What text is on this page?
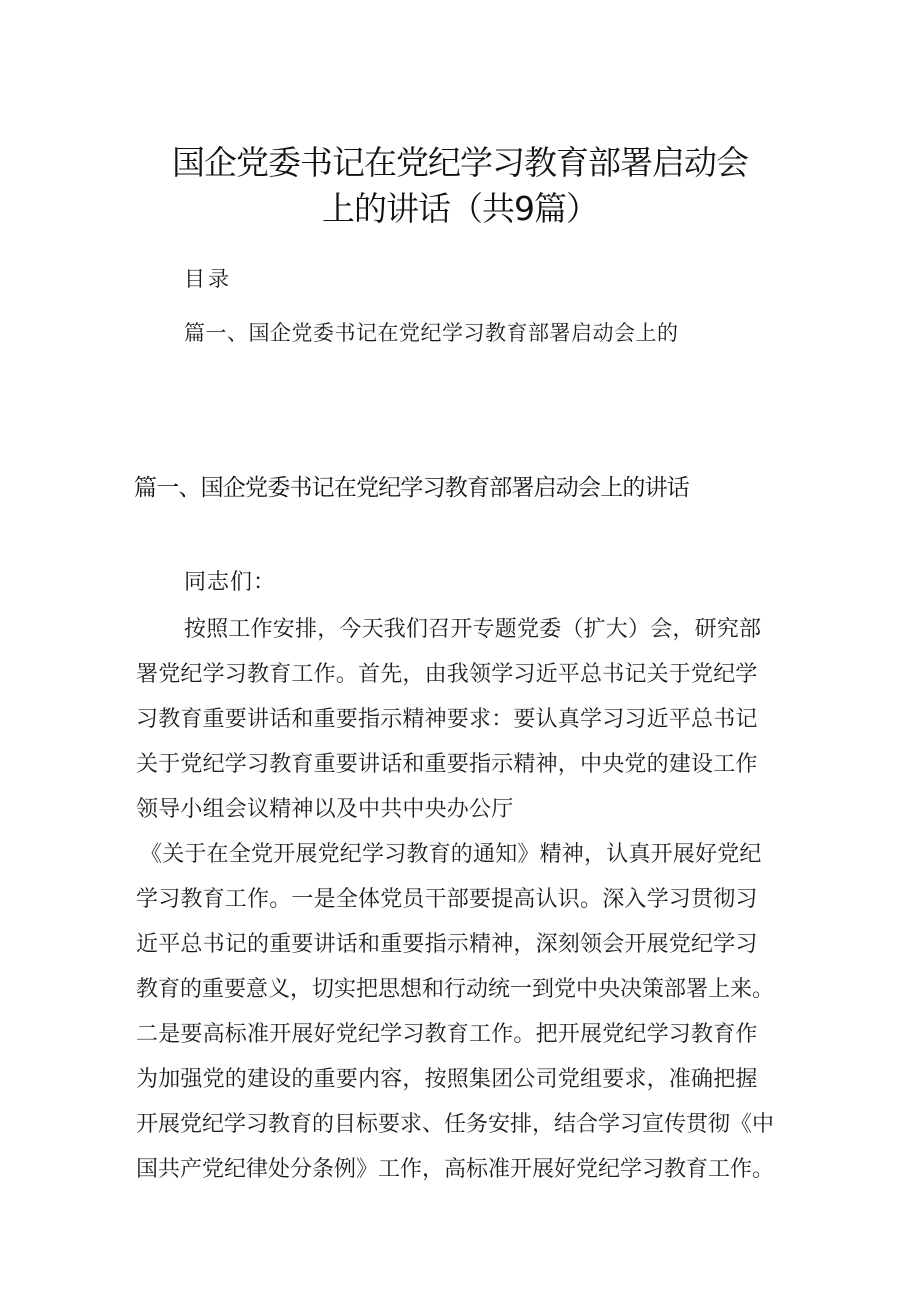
国企党委书记在党纪学习教育部署启动会
上的讲话（共9篇）
目录
篇一、国企党委书记在党纪学习教育部署启动会上的
篇一、国企党委书记在党纪学习教育部署启动会上的讲话
同志们：
按照工作安排，今天我们召开专题党委（扩大）会，研究部
署党纪学习教育工作。首先，由我领学习近平总书记关于党纪学
习教育重要讲话和重要指示精神要求：要认真学习习近平总书记
关于党纪学习教育重要讲话和重要指示精神，中央党的建设工作
领导小组会议精神以及中共中央办公厅
《关于在全党开展党纪学习教育的通知》精神，认真开展好党纪
学习教育工作。一是全体党员干部要提高认识。深入学习贯彻习
近平总书记的重要讲话和重要指示精神，深刻领会开展党纪学习
教育的重要意义，切实把思想和行动统一到党中央决策部署上来。
二是要高标准开展好党纪学习教育工作。把开展党纪学习教育作
为加强党的建设的重要内容，按照集团公司党组要求，准确把握
开展党纪学习教育的目标要求、任务安排，结合学习宣传贯彻《中
国共产党纪律处分条例》工作，高标准开展好党纪学习教育工作。
